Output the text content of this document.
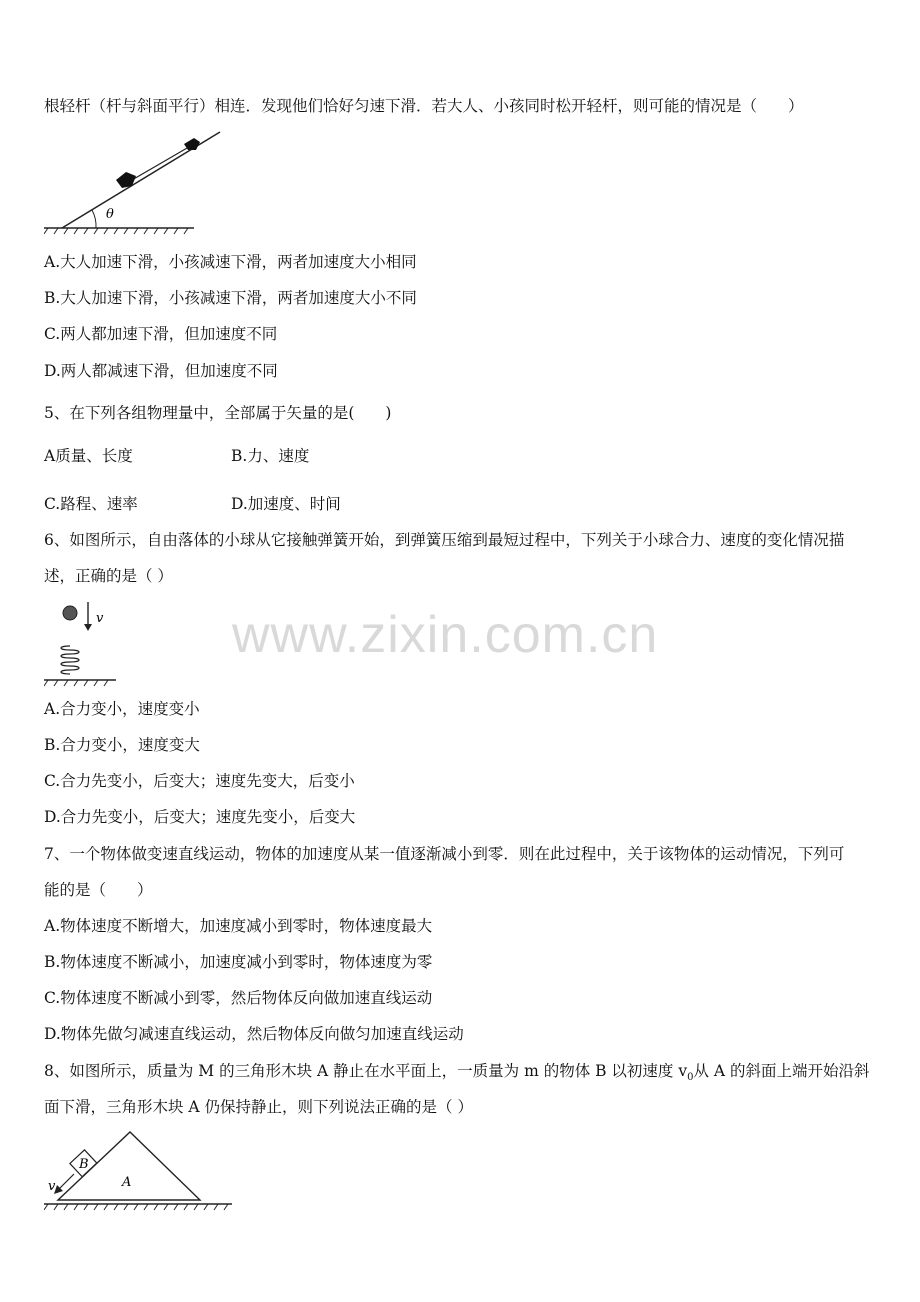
www.zixin.com.cn
根轻杆（杆与斜面平行）相连．发现他们恰好匀速下滑．若大人、小孩同时松开轻杆，则可能的情况是（　　）
θ
A.大人加速下滑，小孩减速下滑，两者加速度大小相同
B.大人加速下滑，小孩减速下滑，两者加速度大小不同
C.两人都加速下滑，但加速度不同
D.两人都减速下滑，但加速度不同
5、在下列各组物理量中，全部属于矢量的是(　　)
A质量、长度	B.力、速度
C.路程、速率	D.加速度、时间
6、如图所示，自由落体的小球从它接触弹簧开始，到弹簧压缩到最短过程中，下列关于小球合力、速度的变化情况描
述，正确的是（ ）
v
A.合力变小，速度变小
B.合力变小，速度变大
C.合力先变小，后变大；速度先变大，后变小
D.合力先变小，后变大；速度先变小，后变大
7、一个物体做变速直线运动，物体的加速度从某一值逐渐减小到零．则在此过程中，关于该物体的运动情况，下列可
能的是（　　）
A.物体速度不断增大，加速度减小到零时，物体速度最大
B.物体速度不断减小，加速度减小到零时，物体速度为零
C.物体速度不断减小到零，然后物体反向做加速直线运动
D.物体先做匀减速直线运动，然后物体反向做匀加速直线运动
8、如图所示，质量为 M 的三角形木块 A 静止在水平面上，一质量为 m 的物体 B 以初速度 $v_0$从 A 的斜面上端开始沿斜
面下滑，三角形木块 A 仍保持静止，则下列说法正确的是（ ）
B
A
v
